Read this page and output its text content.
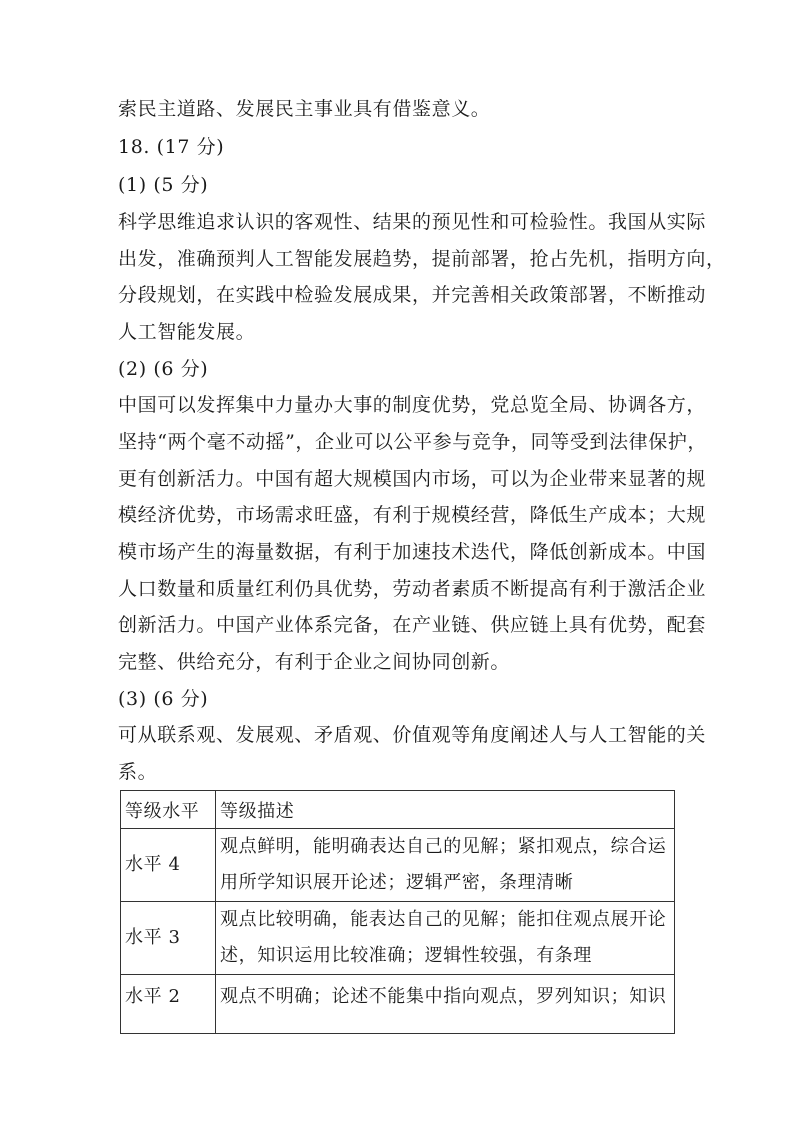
索民主道路、发展民主事业具有借鉴意义。
18. (17 分)
(1) (5 分)
科学思维追求认识的客观性、结果的预见性和可检验性。我国从实际
出发，准确预判人工智能发展趋势，提前部署，抢占先机，指明方向，
分段规划，在实践中检验发展成果，并完善相关政策部署，不断推动
人工智能发展。
(2) (6 分)
中国可以发挥集中力量办大事的制度优势，党总览全局、协调各方，
坚持“两个毫不动摇”，企业可以公平参与竞争，同等受到法律保护，
更有创新活力。中国有超大规模国内市场，可以为企业带来显著的规
模经济优势，市场需求旺盛，有利于规模经营，降低生产成本；大规
模市场产生的海量数据，有利于加速技术迭代，降低创新成本。中国
人口数量和质量红利仍具优势，劳动者素质不断提高有利于激活企业
创新活力。中国产业体系完备，在产业链、供应链上具有优势，配套
完整、供给充分，有利于企业之间协同创新。
(3) (6 分)
可从联系观、发展观、矛盾观、价值观等角度阐述人与人工智能的关
系。
等级水平	等级描述
水平 4	观点鲜明，能明确表达自己的见解；紧扣观点，综合运
用所学知识展开论述；逻辑严密，条理清晰

水平 3	观点比较明确，能表达自己的见解；能扣住观点展开论
述，知识运用比较准确；逻辑性较强，有条理

水平 2	观点不明确；论述不能集中指向观点，罗列知识；知识
